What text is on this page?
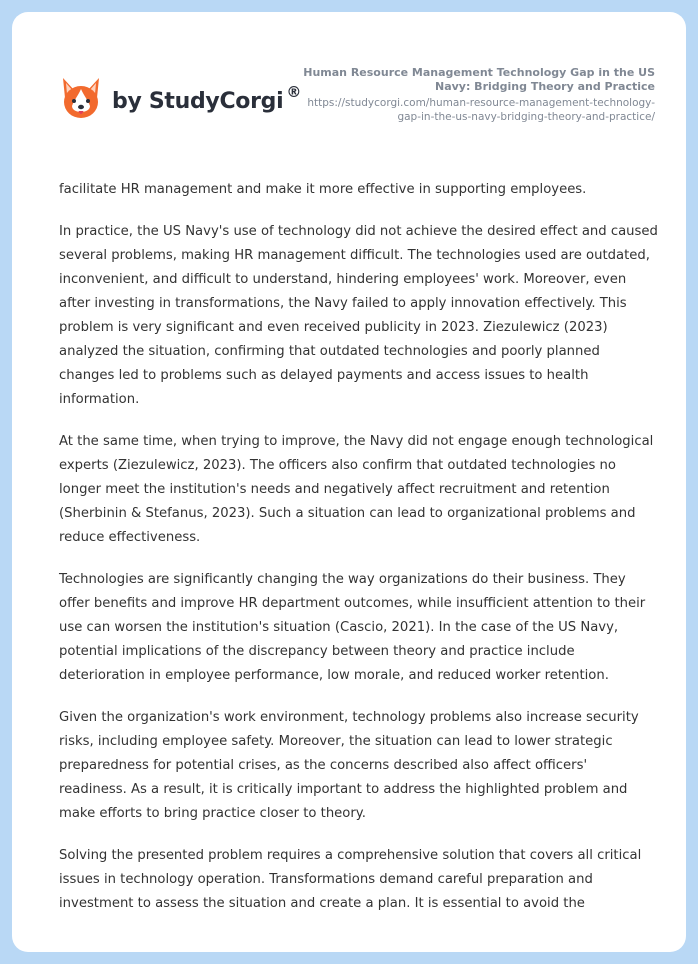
by StudyCorgi ®
Human Resource Management Technology Gap in the US Navy: Bridging Theory and Practice
https://studycorgi.com/human-resource-management-technology-gap-in-the-us-navy-bridging-theory-and-practice/

facilitate HR management and make it more effective in supporting employees.

In practice, the US Navy's use of technology did not achieve the desired effect and caused several problems, making HR management difficult. The technologies used are outdated, inconvenient, and difficult to understand, hindering employees' work. Moreover, even after investing in transformations, the Navy failed to apply innovation effectively. This problem is very significant and even received publicity in 2023. Ziezulewicz (2023) analyzed the situation, confirming that outdated technologies and poorly planned changes led to problems such as delayed payments and access issues to health information.

At the same time, when trying to improve, the Navy did not engage enough technological experts (Ziezulewicz, 2023). The officers also confirm that outdated technologies no longer meet the institution's needs and negatively affect recruitment and retention (Sherbinin & Stefanus, 2023). Such a situation can lead to organizational problems and reduce effectiveness.

Technologies are significantly changing the way organizations do their business. They offer benefits and improve HR department outcomes, while insufficient attention to their use can worsen the institution's situation (Cascio, 2021). In the case of the US Navy, potential implications of the discrepancy between theory and practice include deterioration in employee performance, low morale, and reduced worker retention.

Given the organization's work environment, technology problems also increase security risks, including employee safety. Moreover, the situation can lead to lower strategic preparedness for potential crises, as the concerns described also affect officers' readiness. As a result, it is critically important to address the highlighted problem and make efforts to bring practice closer to theory.

Solving the presented problem requires a comprehensive solution that covers all critical issues in technology operation. Transformations demand careful preparation and investment to assess the situation and create a plan. It is essential to avoid the
